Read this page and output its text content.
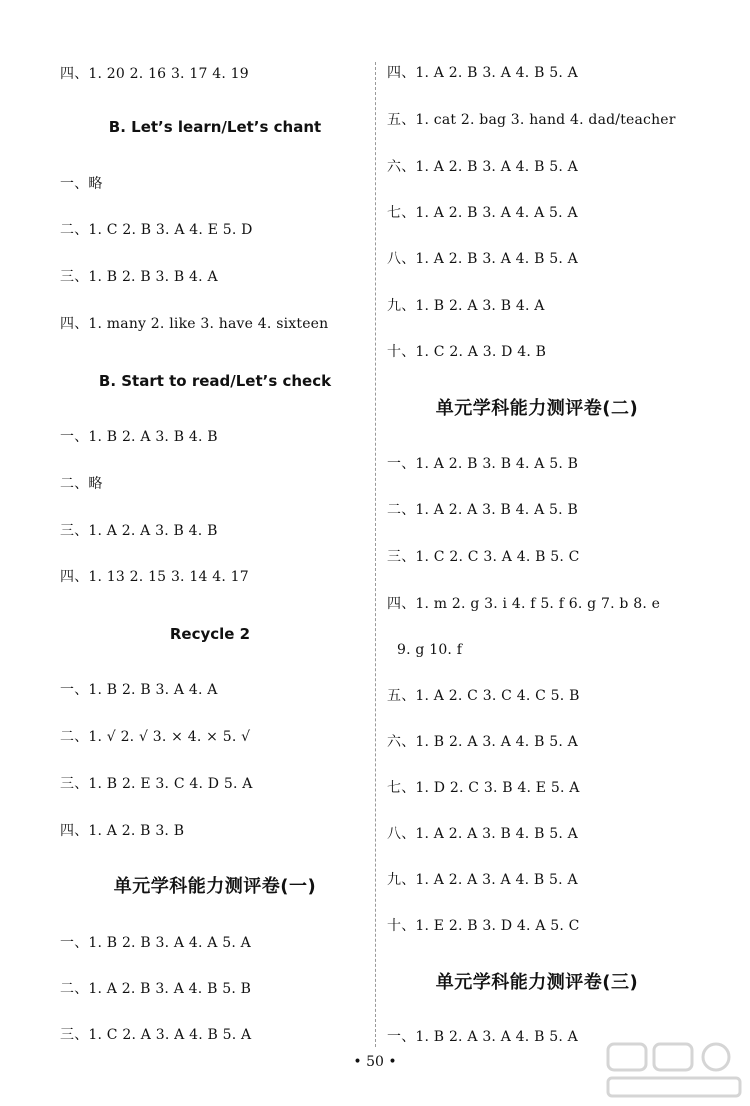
四、1. 20 2. 16 3. 17 4. 19
B. Let’s learn/Let’s chant
一、略
二、1. C 2. B 3. A 4. E 5. D
三、1. B 2. B 3. B 4. A
四、1. many 2. like 3. have 4. sixteen
B. Start to read/Let’s check
一、1. B 2. A 3. B 4. B
二、略
三、1. A 2. A 3. B 4. B
四、1. 13 2. 15 3. 14 4. 17
Recycle 2
一、1. B 2. B 3. A 4. A
二、1. √ 2. √ 3. × 4. × 5. √
三、1. B 2. E 3. C 4. D 5. A
四、1. A 2. B 3. B
单元学科能力测评卷(一)
一、1. B 2. B 3. A 4. A 5. A
二、1. A 2. B 3. A 4. B 5. B
三、1. C 2. A 3. A 4. B 5. A
四、1. A 2. B 3. A 4. B 5. A
五、1. cat 2. bag 3. hand 4. dad/teacher
六、1. A 2. B 3. A 4. B 5. A
七、1. A 2. B 3. A 4. A 5. A
八、1. A 2. B 3. A 4. B 5. A
九、1. B 2. A 3. B 4. A
十、1. C 2. A 3. D 4. B
单元学科能力测评卷(二)
一、1. A 2. B 3. B 4. A 5. B
二、1. A 2. A 3. B 4. A 5. B
三、1. C 2. C 3. A 4. B 5. C
四、1. m 2. g 3. i 4. f 5. f 6. g 7. b 8. e
9. g 10. f
五、1. A 2. C 3. C 4. C 5. B
六、1. B 2. A 3. A 4. B 5. A
七、1. D 2. C 3. B 4. E 5. A
八、1. A 2. A 3. B 4. B 5. A
九、1. A 2. A 3. A 4. B 5. A
十、1. E 2. B 3. D 4. A 5. C
单元学科能力测评卷(三)
一、1. B 2. A 3. A 4. B 5. A
• 50 •
